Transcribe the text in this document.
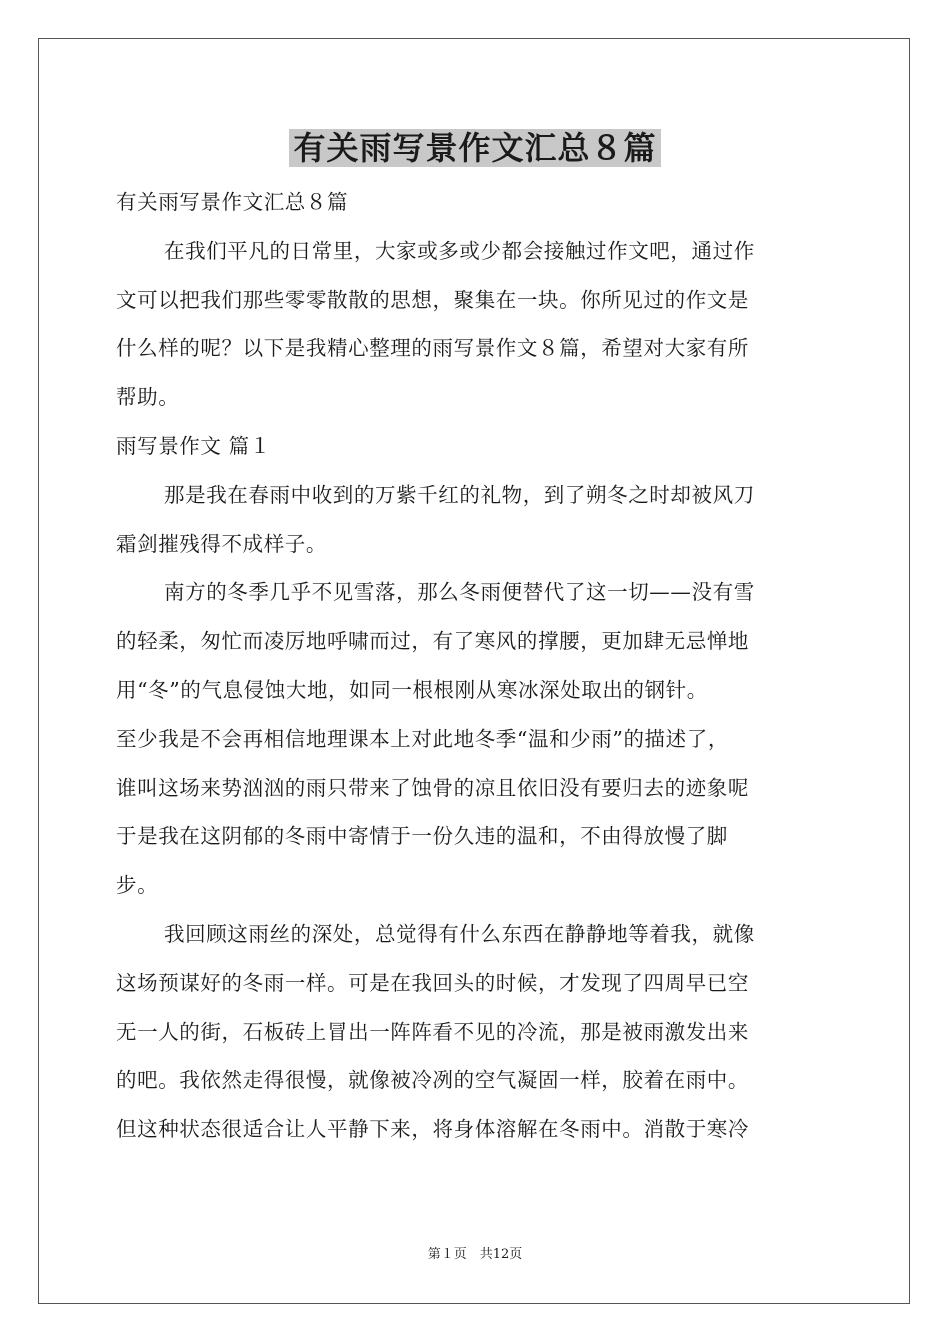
有关雨写景作文汇总８篇
有关雨写景作文汇总８篇
在我们平凡的日常里，大家或多或少都会接触过作文吧，通过作
文可以把我们那些零零散散的思想，聚集在一块。你所见过的作文是
什么样的呢？以下是我精心整理的雨写景作文８篇，希望对大家有所
帮助。
雨写景作文 篇１
那是我在春雨中收到的万紫千红的礼物，到了朔冬之时却被风刀
霜剑摧残得不成样子。
南方的冬季几乎不见雪落，那么冬雨便替代了这一切——没有雪
的轻柔，匆忙而凌厉地呼啸而过，有了寒风的撑腰，更加肆无忌惮地
用“冬”的气息侵蚀大地，如同一根根刚从寒冰深处取出的钢针。
至少我是不会再相信地理课本上对此地冬季“温和少雨”的描述了，
谁叫这场来势汹汹的雨只带来了蚀骨的凉且依旧没有要归去的迹象呢
于是我在这阴郁的冬雨中寄情于一份久违的温和，不由得放慢了脚
步。
我回顾这雨丝的深处，总觉得有什么东西在静静地等着我，就像
这场预谋好的冬雨一样。可是在我回头的时候，才发现了四周早已空
无一人的街，石板砖上冒出一阵阵看不见的冷流，那是被雨激发出来
的吧。我依然走得很慢，就像被冷冽的空气凝固一样，胶着在雨中。
但这种状态很适合让人平静下来，将身体溶解在冬雨中。消散于寒冷
第１页　共12页
